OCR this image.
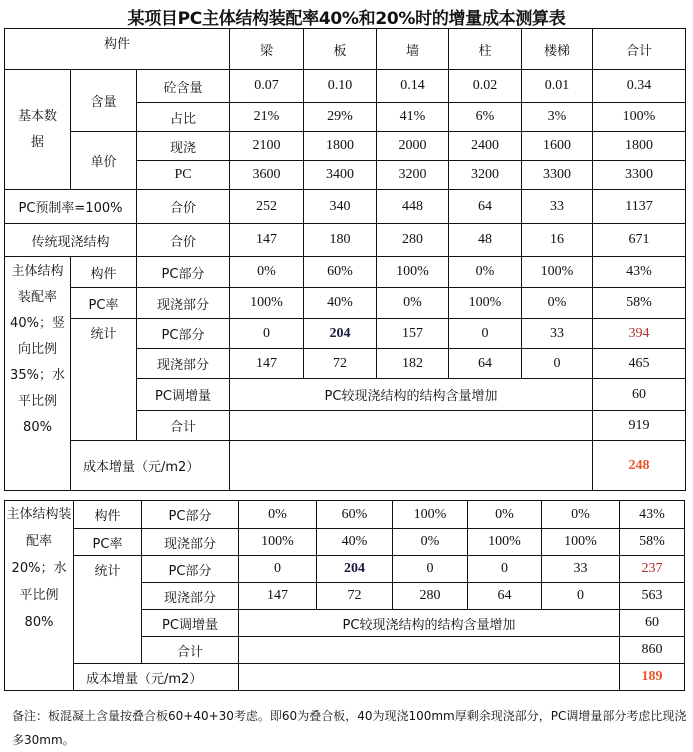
某项目PC主体结构装配率40%和20%时的增量成本测算表
构件			梁	板	墙	柱	楼梯	合计
基本数据	含量	砼含量	0.07	0.10	0.14	0.02	0.01	0.34
		占比	21%	29%	41%	6%	3%	100%
	单价	现浇	2100	1800	2000	2400	1600	1800
		PC	3600	3400	3200	3200	3300	3300
PC预制率=100%		合价	252	340	448	64	33	1137
传统现浇结构		合价	147	180	280	48	16	671
主体结构装配率40%；竖向比例35%；水平比例80%	构件	PC部分	0%	60%	100%	0%	100%	43%
	PC率	现浇部分	100%	40%	0%	100%	0%	58%
	统计	PC部分	0	204	157	0	33	394
		现浇部分	147	72	182	64	0	465
		PC调增量	PC较现浇结构的结构含量增加					60
		合计						919
	成本增量（元/m2）							248
主体结构装配率20%；水平比例80%	构件	PC部分	0%	60%	100%	0%	0%	43%
	PC率	现浇部分	100%	40%	0%	100%	100%	58%
	统计	PC部分	0	204	0	0	33	237
		现浇部分	147	72	280	64	0	563
		PC调增量	PC较现浇结构的结构含量增加					60
		合计						860
	成本增量（元/m2）							189
备注：板混凝土含量按叠合板60+40+30考虑。即60为叠合板，40为现浇100mm厚剩余现浇部分，PC调增量部分考虑比现浇多30mm。
